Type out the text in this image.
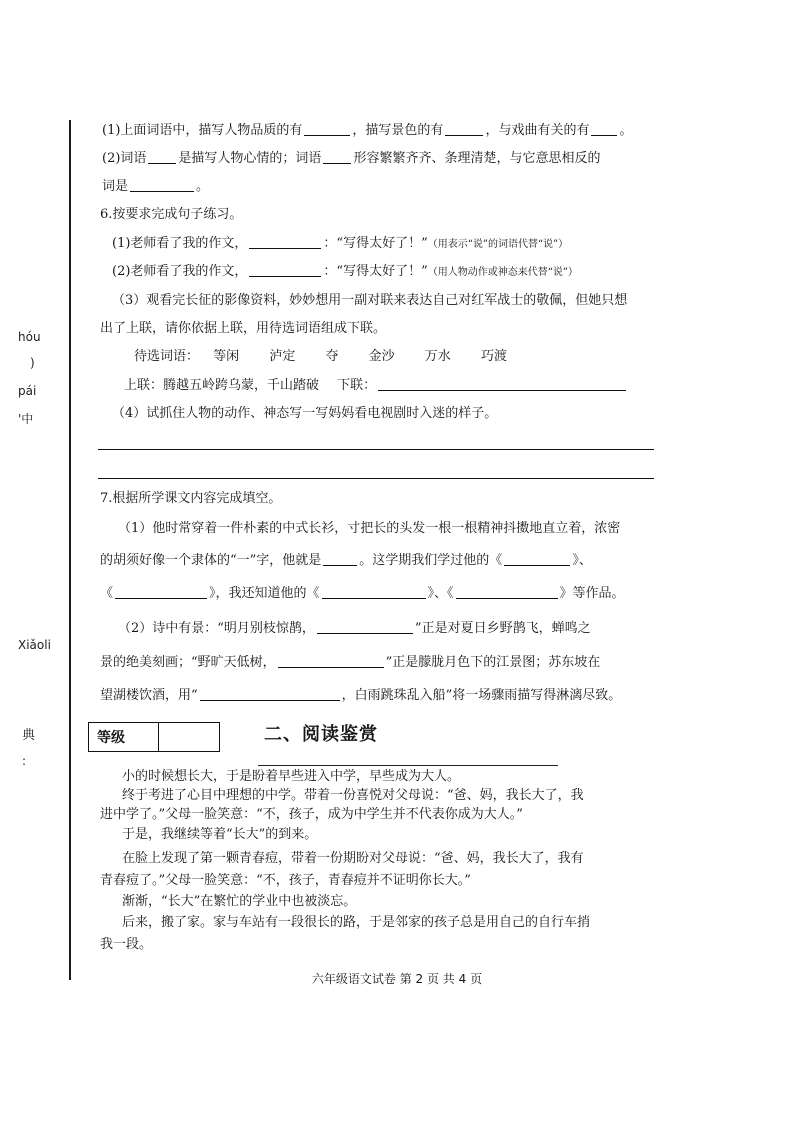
hóu
)
pái
'中
Xiǎoli
典
:
(1)上面词语中，描写人物品质的有	，描写景色的有	，与戏曲有关的有 。
(2)词语 是描写人物心情的；词语 形容繁繁齐齐、条理清楚，与它意思相反的
词是	。
6.按要求完成句子练习。
(1)老师看了我的作文，	：“写得太好了！”（用表示“说”的词语代替“说”）
(2)老师看了我的作文，	：“写得太好了！”（用人物动作或神态来代替“说”）
（3）观看完长征的影像资料，妙妙想用一副对联来表达自己对红军战士的敬佩，但她只想
出了上联，请你依据上联，用待选词语组成下联。
待选词语： 等闲 泸定 夺 金沙 万水 巧渡
上联：腾越五岭跨乌蒙，千山踏破 下联：
（4）试抓住人物的动作、神态写一写妈妈看电视剧时入迷的样子。
7.根据所学课文内容完成填空。
（1）他时常穿着一件朴素的中式长衫，寸把长的头发一根一根精神抖擞地直立着，浓密
的胡须好像一个隶体的“一”字，他就是	。这学期我们学过他的《	》、
《	》，我还知道他的《	》、《	》等作品。
（2）诗中有景：“明月别枝惊鹊，	”正是对夏日乡野鹊飞，蝉鸣之
景的绝美刻画；“野旷天低树，	”正是朦胧月色下的江景图；苏东坡在
望湖楼饮酒，用“	，白雨跳珠乱入船”将一场骤雨描写得淋漓尽致。
等级	二、阅读鉴赏
小的时候想长大，于是盼着早些进入中学，早些成为大人。
终于考进了心目中理想的中学。带着一份喜悦对父母说：“爸、妈，我长大了，我
进中学了。”父母一脸笑意：“不，孩子，成为中学生并不代表你成为大人。”
于是，我继续等着“长大”的到来。
在脸上发现了第一颗青春痘，带着一份期盼对父母说：“爸、妈，我长大了，我有
青春痘了。”父母一脸笑意：“不，孩子，青春痘并不证明你长大。”
渐渐，“长大”在繁忙的学业中也被淡忘。
后来，搬了家。家与车站有一段很长的路，于是邻家的孩子总是用自己的自行车捎
我一段。
六年级语文试卷 第 2 页 共 4 页
